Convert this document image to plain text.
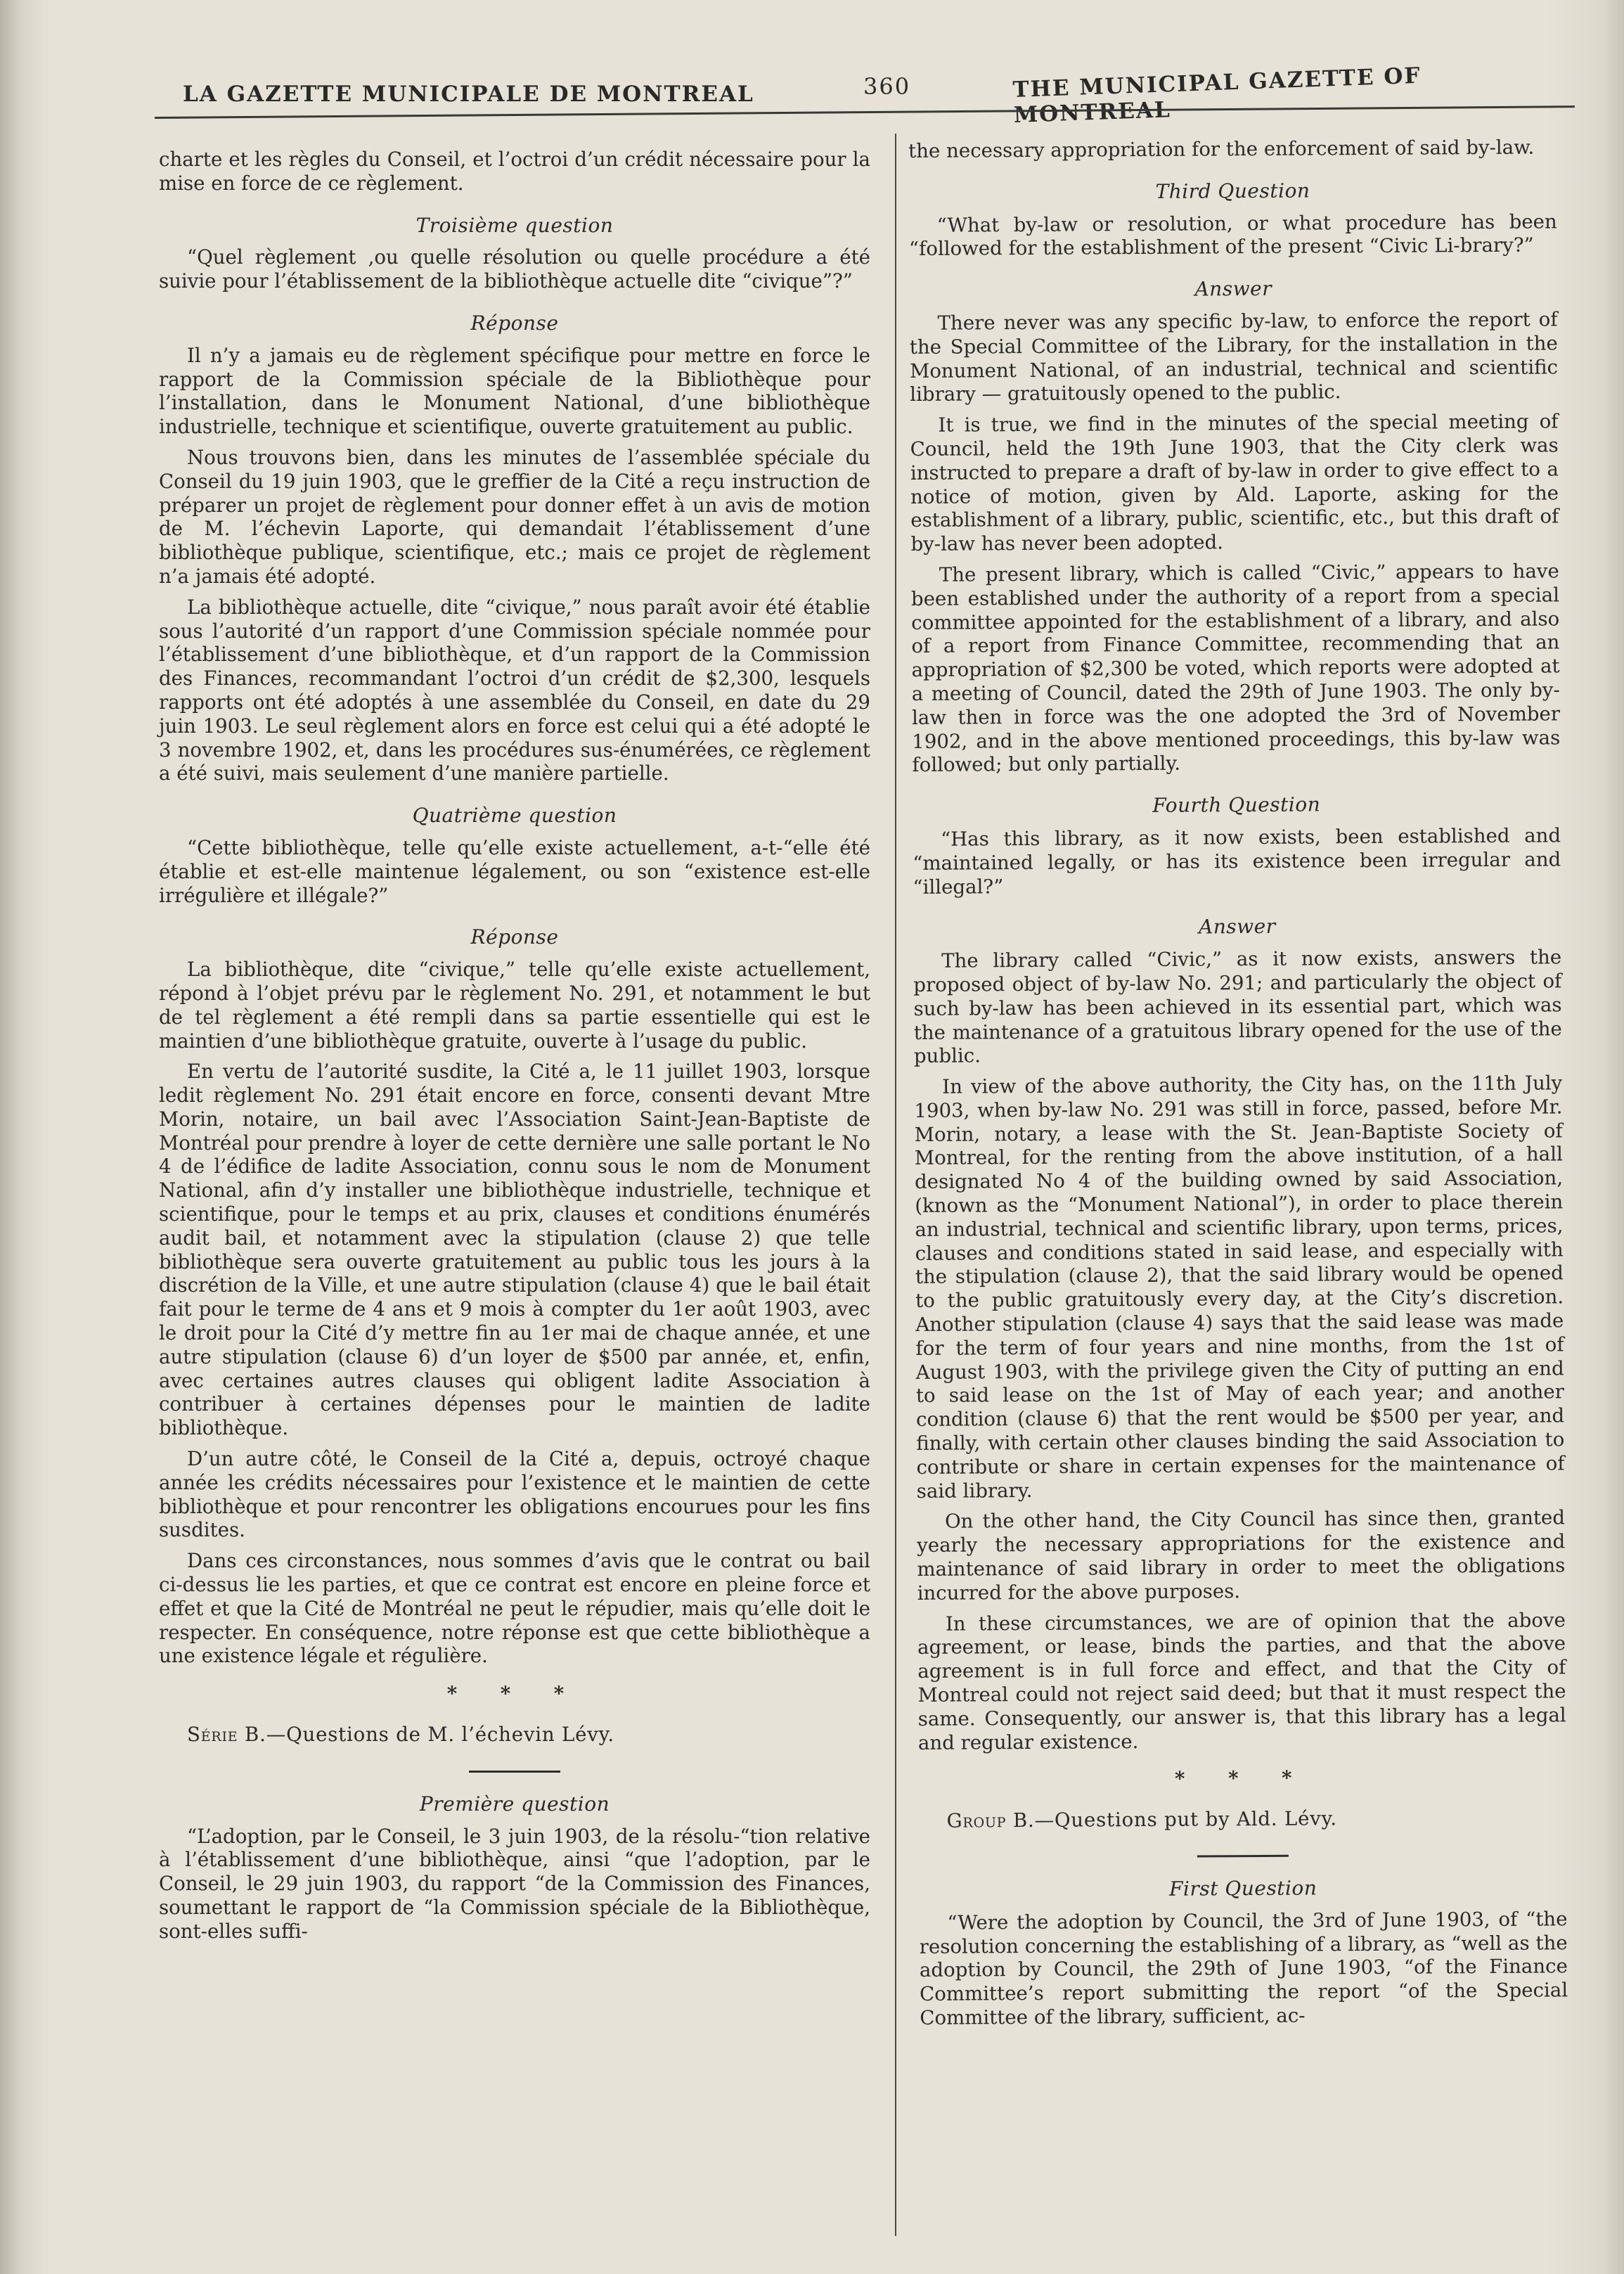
LA GAZETTE MUNICIPALE DE MONTREAL	360	THE MUNICIPAL GAZETTE OF MONTREAL

charte et les règles du Conseil, et l’octroi d’un crédit nécessaire pour la mise en force de ce règlement.

Troisième question

“Quel règlement ,ou quelle résolution ou quelle procédure a été suivie pour l’établissement de la bibliothèque actuelle dite “civique”?”

Réponse

Il n’y a jamais eu de règlement spécifique pour mettre en force le rapport de la Commission spéciale de la Bibliothèque pour l’installation, dans le Monument National, d’une bibliothèque industrielle, technique et scientifique, ouverte gratuitement au public.

Nous trouvons bien, dans les minutes de l’assemblée spéciale du Conseil du 19 juin 1903, que le greffier de la Cité a reçu instruction de préparer un projet de règlement pour donner effet à un avis de motion de M. l’échevin Laporte, qui demandait l’établissement d’une bibliothèque publique, scientifique, etc.; mais ce projet de règlement n’a jamais été adopté.

La bibliothèque actuelle, dite “civique,” nous paraît avoir été établie sous l’autorité d’un rapport d’une Commission spéciale nommée pour l’établissement d’une bibliothèque, et d’un rapport de la Commission des Finances, recommandant l’octroi d’un crédit de $2,300, lesquels rapports ont été adoptés à une assemblée du Conseil, en date du 29 juin 1903. Le seul règlement alors en force est celui qui a été adopté le 3 novembre 1902, et, dans les procédures sus-énumérées, ce règlement a été suivi, mais seulement d’une manière partielle.

Quatrième question

“Cette bibliothèque, telle qu’elle existe actuellement, a-t-“elle été établie et est-elle maintenue légalement, ou son “existence est-elle irrégulière et illégale?”

Réponse

La bibliothèque, dite “civique,” telle qu’elle existe actuellement, répond à l’objet prévu par le règlement No. 291, et notamment le but de tel règlement a été rempli dans sa partie essentielle qui est le maintien d’une bibliothèque gratuite, ouverte à l’usage du public.

En vertu de l’autorité susdite, la Cité a, le 11 juillet 1903, lorsque ledit règlement No. 291 était encore en force, consenti devant Mtre Morin, notaire, un bail avec l’Association Saint-Jean-Baptiste de Montréal pour prendre à loyer de cette dernière une salle portant le No 4 de l’édifice de ladite Association, connu sous le nom de Monument National, afin d’y installer une bibliothèque industrielle, technique et scientifique, pour le temps et au prix, clauses et conditions énumérés audit bail, et notamment avec la stipulation (clause 2) que telle bibliothèque sera ouverte gratuitement au public tous les jours à la discrétion de la Ville, et une autre stipulation (clause 4) que le bail était fait pour le terme de 4 ans et 9 mois à compter du 1er août 1903, avec le droit pour la Cité d’y mettre fin au 1er mai de chaque année, et une autre stipulation (clause 6) d’un loyer de $500 par année, et, enfin, avec certaines autres clauses qui obligent ladite Association à contribuer à certaines dépenses pour le maintien de ladite bibliothèque.

D’un autre côté, le Conseil de la Cité a, depuis, octroyé chaque année les crédits nécessaires pour l’existence et le maintien de cette bibliothèque et pour rencontrer les obligations encourues pour les fins susdites.

Dans ces circonstances, nous sommes d’avis que le contrat ou bail ci-dessus lie les parties, et que ce contrat est encore en pleine force et effet et que la Cité de Montréal ne peut le répudier, mais qu’elle doit le respecter. En conséquence, notre réponse est que cette bibliothèque a une existence légale et régulière.

* * *

Série B.—Questions de M. l’échevin Lévy.

Première question

“L’adoption, par le Conseil, le 3 juin 1903, de la résolu-“tion relative à l’établissement d’une bibliothèque, ainsi “que l’adoption, par le Conseil, le 29 juin 1903, du rapport “de la Commission des Finances, soumettant le rapport de “la Commission spéciale de la Bibliothèque, sont-elles suffi-

the necessary appropriation for the enforcement of said by-law.

Third Question

“What by-law or resolution, or what procedure has been “followed for the establishment of the present “Civic Li-brary?”

Answer

There never was any specific by-law, to enforce the report of the Special Committee of the Library, for the installation in the Monument National, of an industrial, technical and scientific library — gratuitously opened to the public.

It is true, we find in the minutes of the special meeting of Council, held the 19th June 1903, that the City clerk was instructed to prepare a draft of by-law in order to give effect to a notice of motion, given by Ald. Laporte, asking for the establishment of a library, public, scientific, etc., but this draft of by-law has never been adopted.

The present library, which is called “Civic,” appears to have been established under the authority of a report from a special committee appointed for the establishment of a library, and also of a report from Finance Committee, recommending that an appropriation of $2,300 be voted, which reports were adopted at a meeting of Council, dated the 29th of June 1903. The only by-law then in force was the one adopted the 3rd of November 1902, and in the above mentioned proceedings, this by-law was followed; but only partially.

Fourth Question

“Has this library, as it now exists, been established and “maintained legally, or has its existence been irregular and “illegal?”

Answer

The library called “Civic,” as it now exists, answers the proposed object of by-law No. 291; and particularly the object of such by-law has been achieved in its essential part, which was the maintenance of a gratuitous library opened for the use of the public.

In view of the above authority, the City has, on the 11th July 1903, when by-law No. 291 was still in force, passed, before Mr. Morin, notary, a lease with the St. Jean-Baptiste Society of Montreal, for the renting from the above institution, of a hall designated No 4 of the building owned by said Association, (known as the “Monument National”), in order to place therein an industrial, technical and scientific library, upon terms, prices, clauses and conditions stated in said lease, and especially with the stipulation (clause 2), that the said library would be opened to the public gratuitously every day, at the City’s discretion. Another stipulation (clause 4) says that the said lease was made for the term of four years and nine months, from the 1st of August 1903, with the privilege given the City of putting an end to said lease on the 1st of May of each year; and another condition (clause 6) that the rent would be $500 per year, and finally, with certain other clauses binding the said Association to contribute or share in certain expenses for the maintenance of said library.

On the other hand, the City Council has since then, granted yearly the necessary appropriations for the existence and maintenance of said library in order to meet the obligations incurred for the above purposes.

In these circumstances, we are of opinion that the above agreement, or lease, binds the parties, and that the above agreement is in full force and effect, and that the City of Montreal could not reject said deed; but that it must respect the same. Consequently, our answer is, that this library has a legal and regular existence.

* * *

Group B.—Questions put by Ald. Lévy.

First Question

“Were the adoption by Council, the 3rd of June 1903, of “the resolution concerning the establishing of a library, as “well as the adoption by Council, the 29th of June 1903, “of the Finance Committee’s report submitting the report “of the Special Committee of the library, sufficient, ac-
